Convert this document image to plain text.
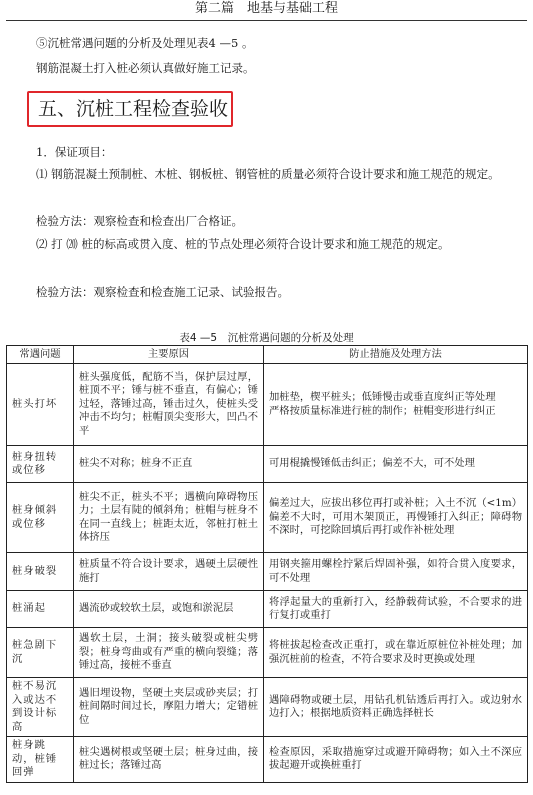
第二篇　地基与基础工程
⑤沉桩常遇问题的分析及处理见表4 —5 。
钢筋混凝土打入桩必须认真做好施工记录。
五、沉桩工程检查验收
1．保证项目：
⑴ 钢筋混凝土预制桩、木桩、钢板桩、钢管桩的质量必须符合设计要求和施工规范的规定。
检验方法：观察检查和检查出厂合格证。
⑵ 打 ⒇ 桩的标高或贯入度、桩的节点处理必须符合设计要求和施工规范的规定。
检验方法：观察检查和检查施工记录、试验报告。
表4 —5　沉桩常遇问题的分析及处理
常遇问题	主要原因	防止措施及处理方法
桩头打坏	桩头强度低，配筋不当，保护层过厚，桩顶不平；锤与桩不垂直，有偏心；锤过轻，落锤过高，锤击过久，使桩头受冲击不均匀；桩帽顶尖变形大，凹凸不平	加桩垫，楔平桩头；低锤慢击或垂直度纠正等处理
严格按质量标准进行桩的制作；桩帽变形进行纠正
桩身扭转或位移	桩尖不对称；桩身不正直	可用棍撬慢锤低击纠正；偏差不大，可不处理
桩身倾斜或位移	桩尖不正，桩头不平；遇横向障碍物压力；土层有陡的倾斜角；桩帽与桩身不在同一直线上；桩距太近，邻桩打桩土体挤压	偏差过大，应拔出移位再打或补桩；入土不沉（<1m）偏差不大时，可用木架顶正，再慢锤打入纠正；障碍物不深时，可挖除回填后再打或作补桩处理
桩身破裂	桩质量不符合设计要求，遇硬土层硬性施打	用钢夹箍用螺栓拧紧后焊固补强，如符合贯入度要求，可不处理
桩涌起	遇流砂或较软土层，或饱和淤泥层	将浮起量大的重新打入，经静载荷试验，不合要求的进行复打或重打
桩急剧下沉	遇软土层，土洞；接头破裂或桩尖劈裂；桩身弯曲或有严重的横向裂缝；落锤过高，接桩不垂直	将桩拔起检查改正重打，或在靠近原桩位补桩处理；加强沉桩前的检查，不符合要求及时更换或处理
桩不易沉入或达不到设计标高	遇旧埋设物，坚硬土夹层或砂夹层；打桩间隔时间过长，摩阻力增大；定错桩位	遇障碍物或硬土层，用钻孔机钻透后再打入。或边射水边打入；根据地质资料正确选择桩长
桩身跳动，桩锤回弹	桩尖遇树根或坚硬土层；桩身过曲，接桩过长；落锤过高	检查原因，采取措施穿过或避开障碍物；如入土不深应拔起避开或换桩重打
